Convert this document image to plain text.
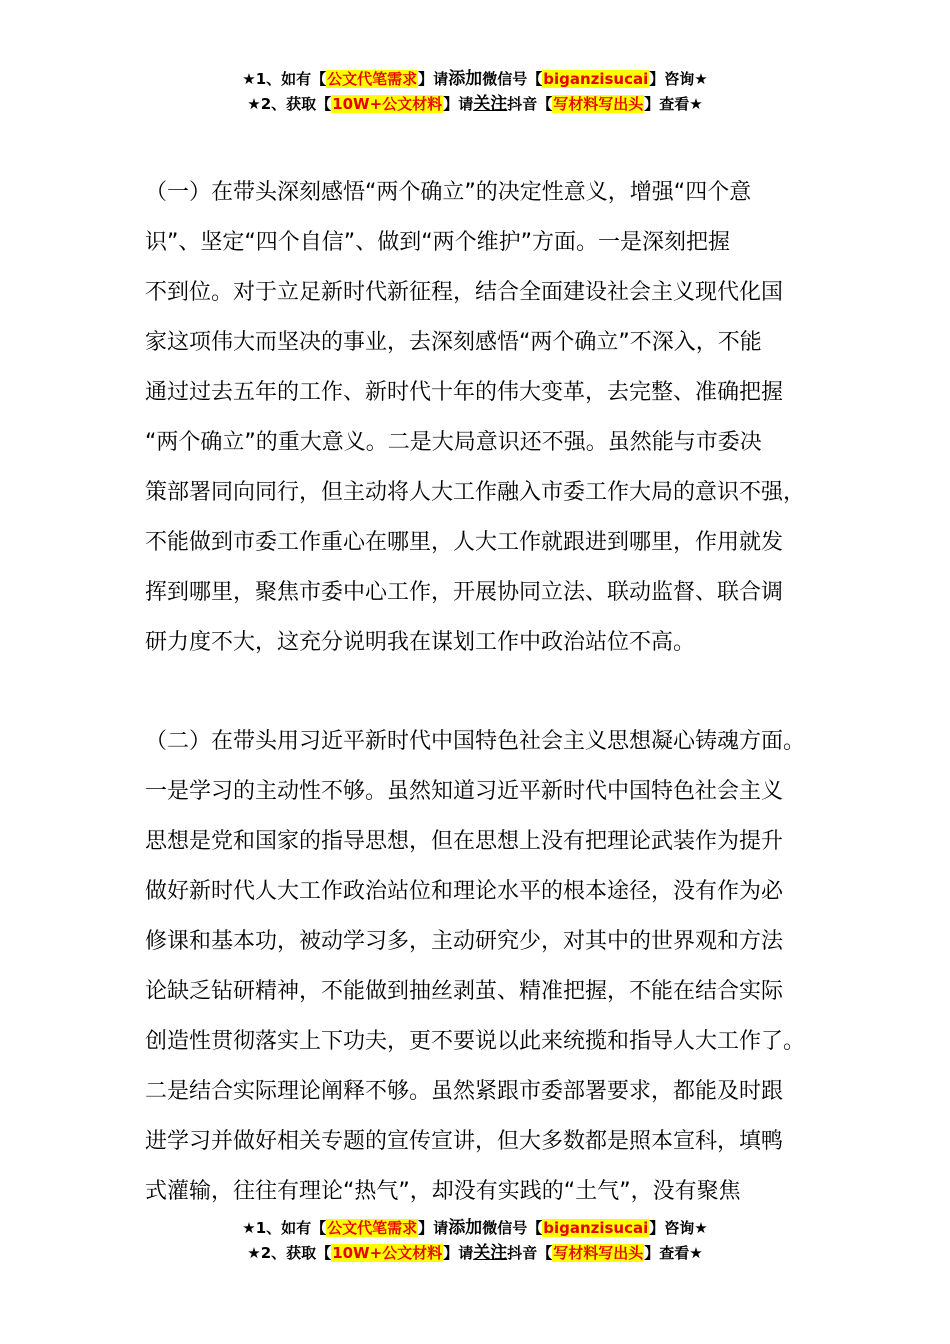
★1、如有【公文代笔需求】请添加微信号【biganzisucai】咨询★
★2、获取【10W+公文材料】请关注抖音【写材料写出头】查看★
（一）在带头深刻感悟“两个确立”的决定性意义，增强“四个意
识”、坚定“四个自信”、做到“两个维护”方面。一是深刻把握
不到位。对于立足新时代新征程，结合全面建设社会主义现代化国
家这项伟大而坚决的事业，去深刻感悟“两个确立”不深入，不能
通过过去五年的工作、新时代十年的伟大变革，去完整、准确把握
“两个确立”的重大意义。二是大局意识还不强。虽然能与市委决
策部署同向同行，但主动将人大工作融入市委工作大局的意识不强，
不能做到市委工作重心在哪里，人大工作就跟进到哪里，作用就发
挥到哪里，聚焦市委中心工作，开展协同立法、联动监督、联合调
研力度不大，这充分说明我在谋划工作中政治站位不高。
（二）在带头用习近平新时代中国特色社会主义思想凝心铸魂方面。
一是学习的主动性不够。虽然知道习近平新时代中国特色社会主义
思想是党和国家的指导思想，但在思想上没有把理论武装作为提升
做好新时代人大工作政治站位和理论水平的根本途径，没有作为必
修课和基本功，被动学习多，主动研究少，对其中的世界观和方法
论缺乏钻研精神，不能做到抽丝剥茧、精准把握，不能在结合实际
创造性贯彻落实上下功夫，更不要说以此来统揽和指导人大工作了。
二是结合实际理论阐释不够。虽然紧跟市委部署要求，都能及时跟
进学习并做好相关专题的宣传宣讲，但大多数都是照本宣科，填鸭
式灌输，往往有理论“热气”，却没有实践的“土气”，没有聚焦
★1、如有【公文代笔需求】请添加微信号【biganzisucai】咨询★
★2、获取【10W+公文材料】请关注抖音【写材料写出头】查看★
